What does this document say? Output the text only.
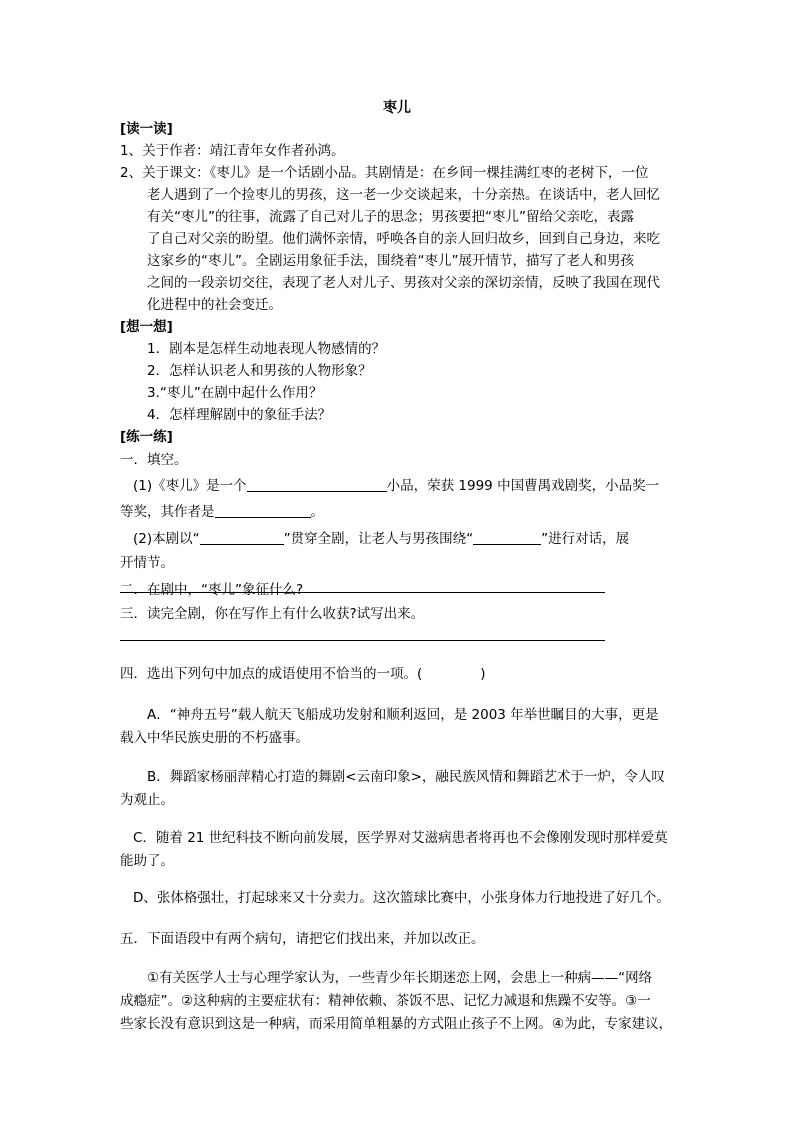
枣儿
[读一读]
1、关于作者：靖江青年女作者孙鸿。
2、关于课文：《枣儿》是一个话剧小品。其剧情是：在乡间一棵挂满红枣的老树下，一位
老人遇到了一个捡枣儿的男孩，这一老一少交谈起来，十分亲热。在谈话中，老人回忆
有关“枣儿”的往事，流露了自己对儿子的思念；男孩要把“枣儿”留给父亲吃，表露
了自己对父亲的盼望。他们满怀亲情，呼唤各自的亲人回归故乡，回到自己身边，来吃
这家乡的“枣儿”。全剧运用象征手法，围绕着“枣儿”展开情节，描写了老人和男孩
之间的一段亲切交往，表现了老人对儿子、男孩对父亲的深切亲情，反映了我国在现代
化进程中的社会变迁。
[想一想]
1．剧本是怎样生动地表现人物感情的？
2．怎样认识老人和男孩的人物形象？
3.“枣儿”在剧中起什么作用？
4．怎样理解剧中的象征手法？
[练一练]
一．填空。
(1)《枣儿》是一个	小品，荣获 1999 中国曹禺戏剧奖，小品奖一
等奖，其作者是	。
(2)本剧以“	”贯穿全剧，让老人与男孩围绕“	”进行对话，展
开情节。
二．在剧中，“枣儿”象征什么?
三．读完全剧，你在写作上有什么收获?试写出来。
四．选出下列句中加点的成语使用不恰当的一项。(	)
A．“神舟五号”载人航天飞船成功发射和顺利返回，是 2003 年举世瞩目的大事，更是
载入中华民族史册的不朽盛事。
B．舞蹈家杨丽萍精心打造的舞剧<云南印象>，融民族风情和舞蹈艺术于一炉，令人叹
为观止。
C．随着 21 世纪科技不断向前发展，医学界对艾滋病患者将再也不会像刚发现时那样爱莫
能助了。
D、张体格强壮，打起球来又十分卖力。这次篮球比赛中，小张身体力行地投进了好几个。
五．下面语段中有两个病句，请把它们找出来，并加以改正。
①有关医学人士与心理学家认为，一些青少年长期迷恋上网，会患上一种病——“网络
成瘾症”。②这种病的主要症状有：精神依赖、茶饭不思、记忆力减退和焦躁不安等。③一
些家长没有意识到这是一种病，而采用简单粗暴的方式阻止孩子不上网。④为此，专家建议，
